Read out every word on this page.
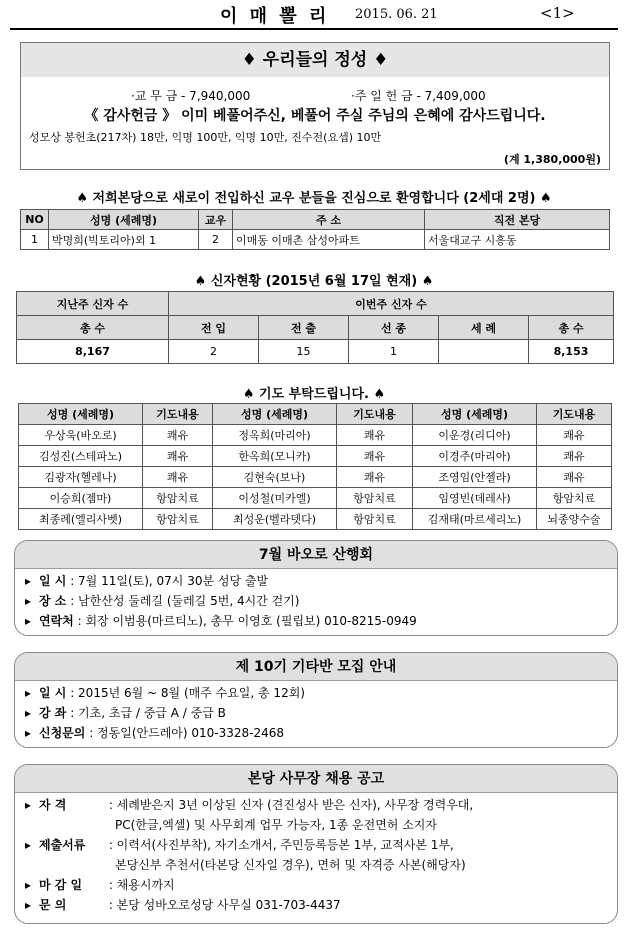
이 매 뽈 리 2015. 06. 21	<1>
♦ 우리들의 정성 ♦
·교 무 금 - 7,940,000	·주 일 헌 금 - 7,409,000
《 감사헌금 》 이미 베풀어주신, 베풀어 주실 주님의 은혜에 감사드립니다.
성모상 봉헌초(217차) 18만, 익명 100만, 익명 10만, 진수전(요셉) 10만
(계 1,380,000원)
♠ 저희본당으로 새로이 전입하신 교우 분들을 진심으로 환영합니다 (2세대 2명) ♠
NO	성명 (세례명)	교우	주 소	직전 본당
1	박명희(빅토리아)외 1	2	이매동 이매촌 삼성아파트	서울대교구 시흥동
♠ 신자현황 (2015년 6월 17일 현재) ♠
지난주 신자 수	이번주 신자 수				
총 수	전 입	전 출	선 종	세 례	총 수
8,167	2	15	1		8,153
♠ 기도 부탁드립니다. ♠
성명 (세례명)	기도내용	성명 (세례명)	기도내용	성명 (세례명)	기도내용
우상욱(바오로)	쾌유	정옥희(마리아)	쾌유	이운경(리디아)	쾌유
김성진(스테파노)	쾌유	한옥희(모니카)	쾌유	이경주(마리아)	쾌유
김광자(헬레나)	쾌유	김현숙(보나)	쾌유	조영임(안젤라)	쾌유
이승희(젬마)	항암치료	이성철(미카엘)	항암치료	임영빈(데레사)	항암치료
최종례(엘리사벳)	항암치료	최성운(벨라뎃다)	항암치료	김재태(마르세리노)	뇌종양수술
7월 바오로 산행회
▸ 일 시 : 7월 11일(토), 07시 30분 성당 출발
▸ 장 소 : 남한산성 둘레길 (둘레길 5번, 4시간 걷기)
▸ 연락처 : 회장 이범용(마르티노), 총무 이영호 (필립보) 010-8215-0949
제 10기 기타반 모집 안내
▸ 일 시 : 2015년 6월 ~ 8월 (매주 수요일, 총 12회)
▸ 강 좌 : 기초, 초급 / 중급 A / 중급 B
▸ 신청문의 : 정동일(안드레아) 010-3328-2468
본당 사무장 채용 공고
▸ 자 격	: 세례받은지 3년 이상된 신자 (견진성사 받은 신자), 사무장 경력우대,
PC(한글,엑셀) 및 사무회계 업무 가능자, 1종 운전면허 소지자
▸ 제출서류 : 이력서(사진부착), 자기소개서, 주민등록등본 1부, 교적사본 1부,
본당신부 추천서(타본당 신자일 경우), 면허 및 자격증 사본(해당자)
▸ 마 감 일 : 채용시까지
▸ 문 의	: 본당 성바오로성당 사무실 031-703-4437
